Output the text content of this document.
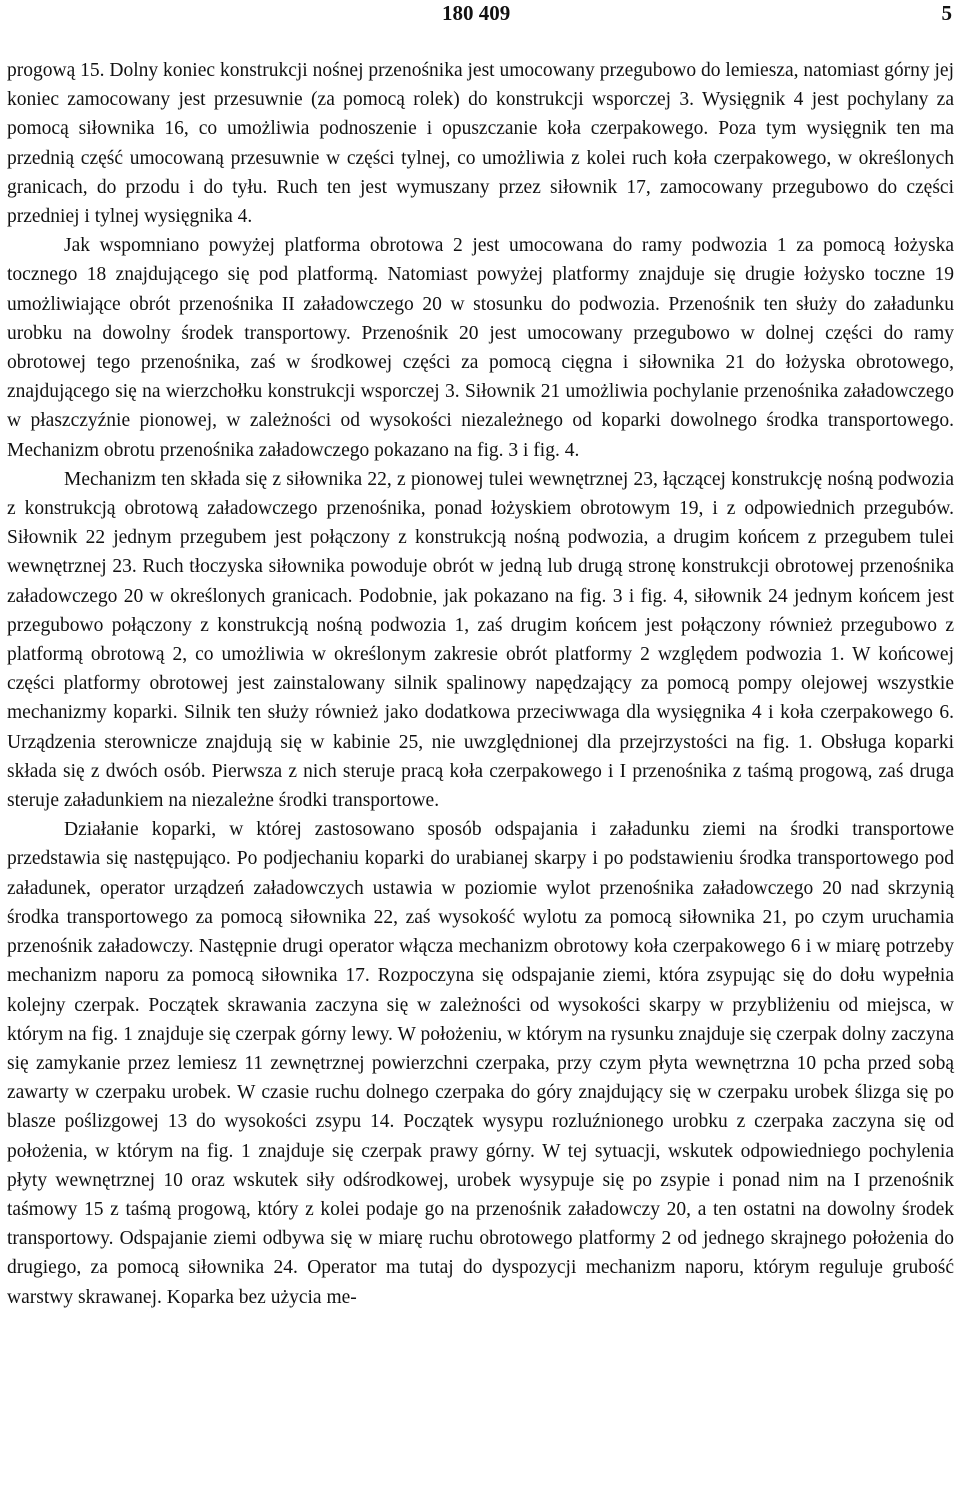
180 409	5

progową 15. Dolny koniec konstrukcji nośnej przenośnika jest umocowany przegubowo do lemiesza, natomiast górny jej koniec zamocowany jest przesuwnie (za pomocą rolek) do konstrukcji wsporczej 3. Wysięgnik 4 jest pochylany za pomocą siłownika 16, co umożliwia podnoszenie i opuszczanie koła czerpakowego. Poza tym wysięgnik ten ma przednią część umocowaną przesuwnie w części tylnej, co umożliwia z kolei ruch koła czerpakowego, w określonych granicach, do przodu i do tyłu. Ruch ten jest wymuszany przez siłownik 17, zamocowany przegubowo do części przedniej i tylnej wysięgnika 4.

Jak wspomniano powyżej platforma obrotowa 2 jest umocowana do ramy podwozia 1 za pomocą łożyska tocznego 18 znajdującego się pod platformą. Natomiast powyżej platformy znajduje się drugie łożysko toczne 19 umożliwiające obrót przenośnika II załadowczego 20 w stosunku do podwozia. Przenośnik ten służy do załadunku urobku na dowolny środek transportowy. Przenośnik 20 jest umocowany przegubowo w dolnej części do ramy obrotowej tego przenośnika, zaś w środkowej części za pomocą cięgna i siłownika 21 do łożyska obrotowego, znajdującego się na wierzchołku konstrukcji wsporczej 3. Siłownik 21 umożliwia pochylanie przenośnika załadowczego w płaszczyźnie pionowej, w zależności od wysokości niezależnego od koparki dowolnego środka transportowego. Mechanizm obrotu przenośnika załadowczego pokazano na fig. 3 i fig. 4.

Mechanizm ten składa się z siłownika 22, z pionowej tulei wewnętrznej 23, łączącej konstrukcję nośną podwozia z konstrukcją obrotową załadowczego przenośnika, ponad łożyskiem obrotowym 19, i z odpowiednich przegubów. Siłownik 22 jednym przegubem jest połączony z konstrukcją nośną podwozia, a drugim końcem z przegubem tulei wewnętrznej 23. Ruch tłoczyska siłownika powoduje obrót w jedną lub drugą stronę konstrukcji obrotowej przenośnika załadowczego 20 w określonych granicach. Podobnie, jak pokazano na fig. 3 i fig. 4, siłownik 24 jednym końcem jest przegubowo połączony z konstrukcją nośną podwozia 1, zaś drugim końcem jest połączony również przegubowo z platformą obrotową 2, co umożliwia w określonym zakresie obrót platformy 2 względem podwozia 1. W końcowej części platformy obrotowej jest zainstalowany silnik spalinowy napędzający za pomocą pompy olejowej wszystkie mechanizmy koparki. Silnik ten służy również jako dodatkowa przeciwwaga dla wysięgnika 4 i koła czerpakowego 6. Urządzenia sterownicze znajdują się w kabinie 25, nie uwzględnionej dla przejrzystości na fig. 1. Obsługa koparki składa się z dwóch osób. Pierwsza z nich steruje pracą koła czerpakowego i I przenośnika z taśmą progową, zaś druga steruje załadunkiem na niezależne środki transportowe.

Działanie koparki, w której zastosowano sposób odspajania i załadunku ziemi na środki transportowe przedstawia się następująco. Po podjechaniu koparki do urabianej skarpy i po podstawieniu środka transportowego pod załadunek, operator urządzeń załadowczych ustawia w poziomie wylot przenośnika załadowczego 20 nad skrzynią środka transportowego za pomocą siłownika 22, zaś wysokość wylotu za pomocą siłownika 21, po czym uruchamia przenośnik załadowczy. Następnie drugi operator włącza mechanizm obrotowy koła czerpakowego 6 i w miarę potrzeby mechanizm naporu za pomocą siłownika 17. Rozpoczyna się odspajanie ziemi, która zsypując się do dołu wypełnia kolejny czerpak. Początek skrawania zaczyna się w zależności od wysokości skarpy w przybliżeniu od miejsca, w którym na fig. 1 znajduje się czerpak górny lewy. W położeniu, w którym na rysunku znajduje się czerpak dolny zaczyna się zamykanie przez lemiesz 11 zewnętrznej powierzchni czerpaka, przy czym płyta wewnętrzna 10 pcha przed sobą zawarty w czerpaku urobek. W czasie ruchu dolnego czerpaka do góry znajdujący się w czerpaku urobek ślizga się po blasze poślizgowej 13 do wysokości zsypu 14. Początek wysypu rozluźnionego urobku z czerpaka zaczyna się od położenia, w którym na fig. 1 znajduje się czerpak prawy górny. W tej sytuacji, wskutek odpowiedniego pochylenia płyty wewnętrznej 10 oraz wskutek siły odśrodkowej, urobek wysypuje się po zsypie i ponad nim na I przenośnik taśmowy 15 z taśmą progową, który z kolei podaje go na przenośnik załadowczy 20, a ten ostatni na dowolny środek transportowy. Odspajanie ziemi odbywa się w miarę ruchu obrotowego platformy 2 od jednego skrajnego położenia do drugiego, za pomocą siłownika 24. Operator ma tutaj do dyspozycji mechanizm naporu, którym reguluje grubość warstwy skrawanej. Koparka bez użycia me-
